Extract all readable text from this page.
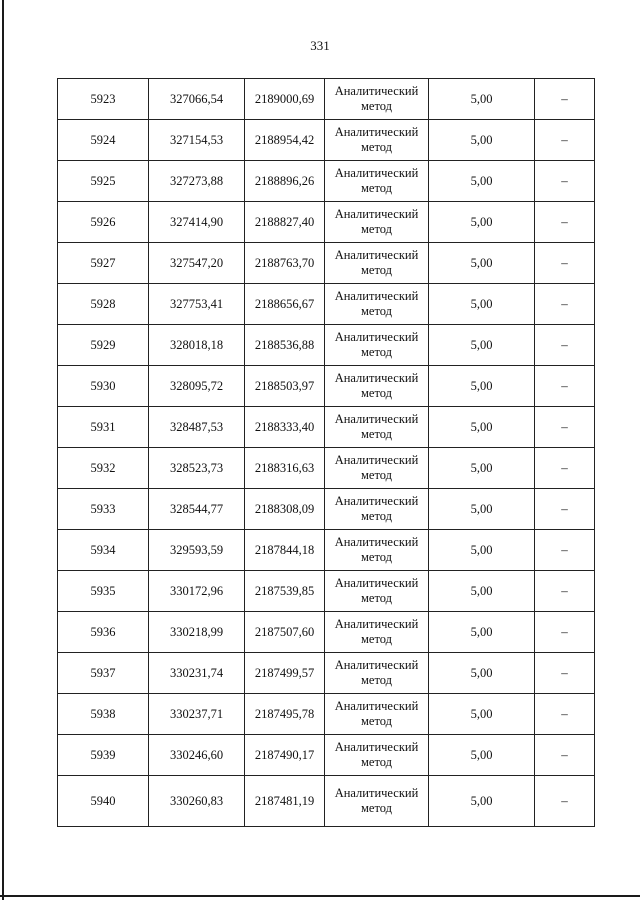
331
5923	327066,54	2189000,69	Аналитический
метод	5,00	–
5924	327154,53	2188954,42	Аналитический
метод	5,00	–
5925	327273,88	2188896,26	Аналитический
метод	5,00	–
5926	327414,90	2188827,40	Аналитический
метод	5,00	–
5927	327547,20	2188763,70	Аналитический
метод	5,00	–
5928	327753,41	2188656,67	Аналитический
метод	5,00	–
5929	328018,18	2188536,88	Аналитический
метод	5,00	–
5930	328095,72	2188503,97	Аналитический
метод	5,00	–
5931	328487,53	2188333,40	Аналитический
метод	5,00	–
5932	328523,73	2188316,63	Аналитический
метод	5,00	–
5933	328544,77	2188308,09	Аналитический
метод	5,00	–
5934	329593,59	2187844,18	Аналитический
метод	5,00	–
5935	330172,96	2187539,85	Аналитический
метод	5,00	–
5936	330218,99	2187507,60	Аналитический
метод	5,00	–
5937	330231,74	2187499,57	Аналитический
метод	5,00	–
5938	330237,71	2187495,78	Аналитический
метод	5,00	–
5939	330246,60	2187490,17	Аналитический
метод	5,00	–
5940	330260,83	2187481,19	Аналитический
метод	5,00	–
